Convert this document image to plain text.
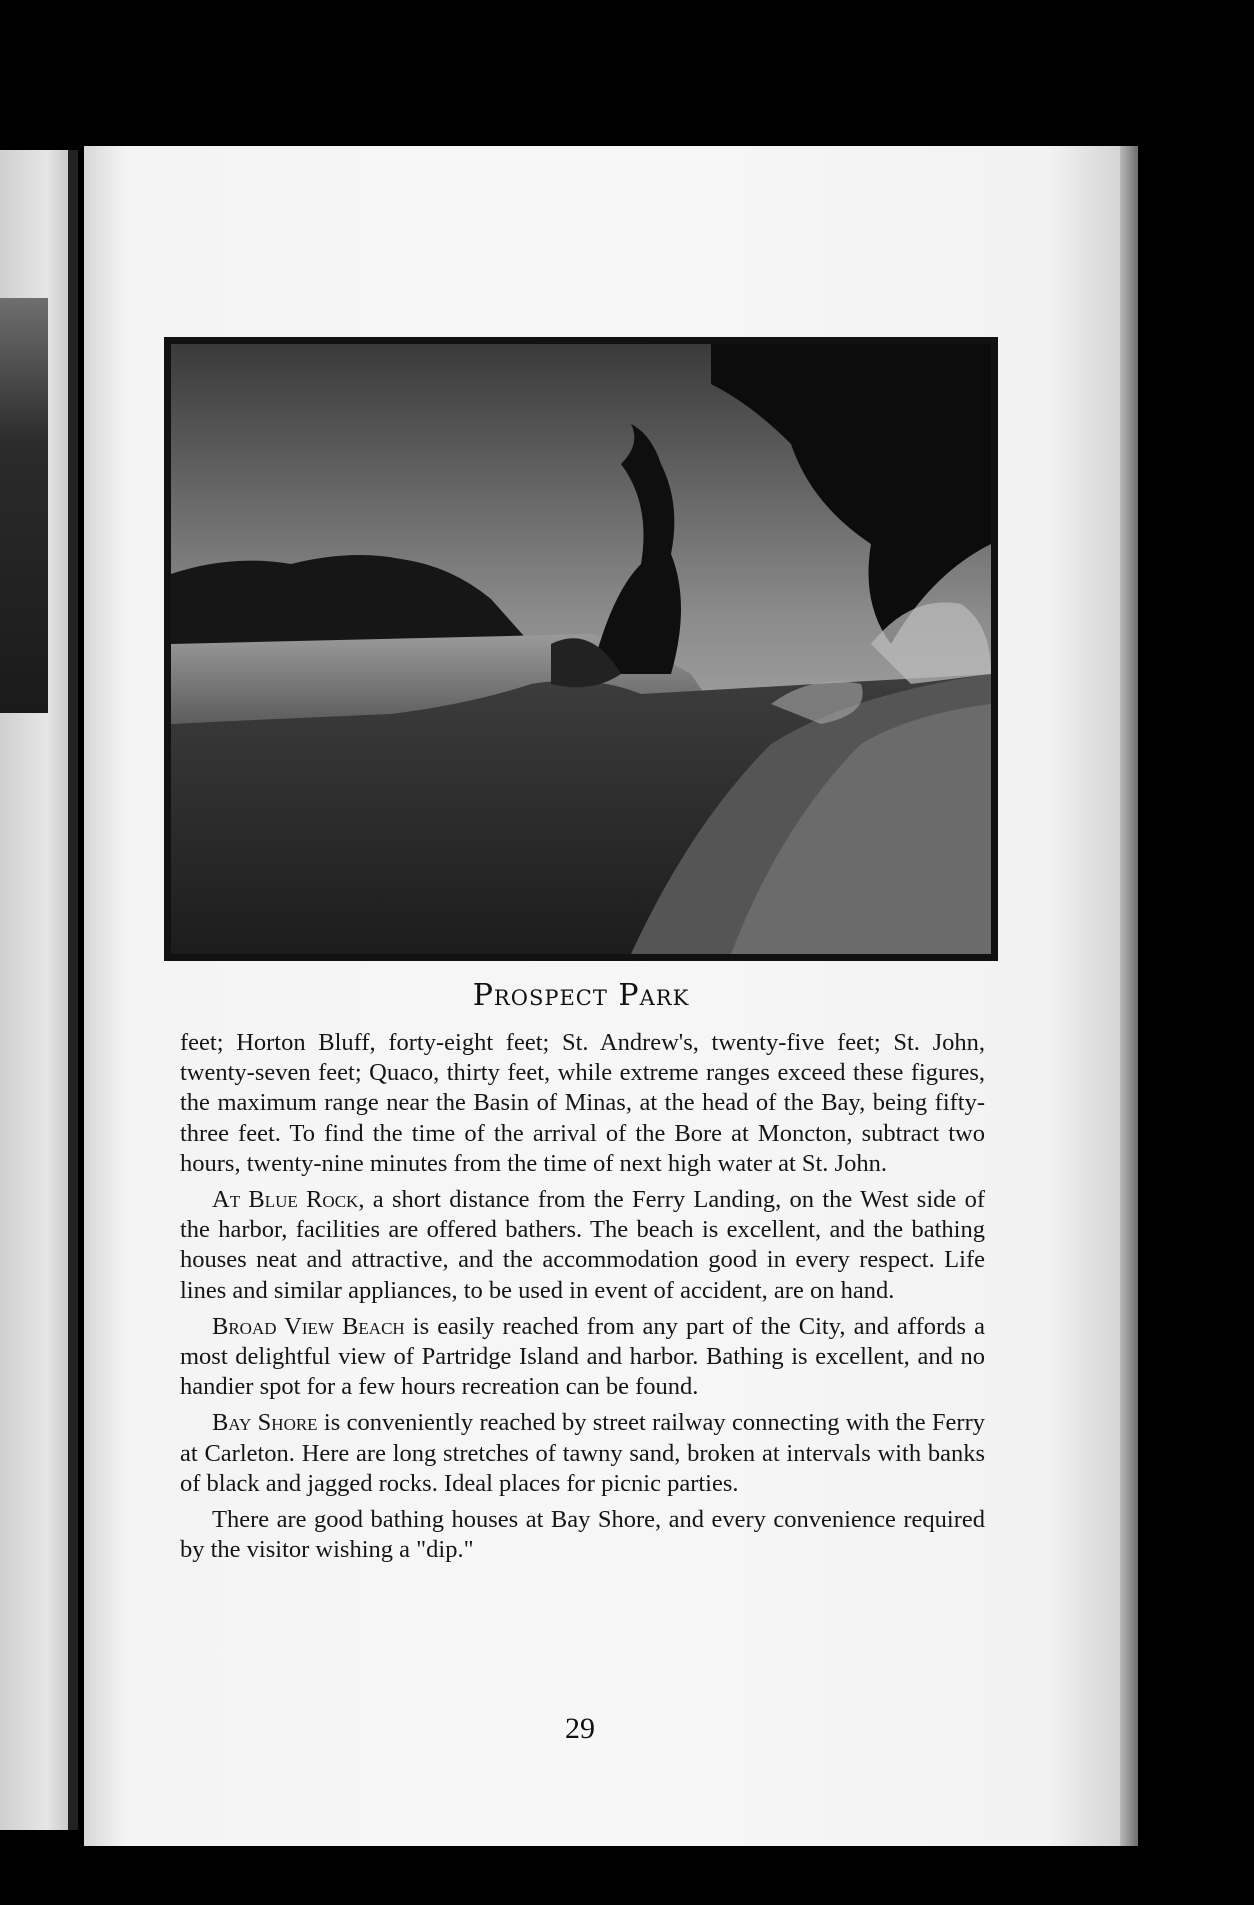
Prospect Park

feet; Horton Bluff, forty-eight feet; St. Andrew's, twenty-five feet; St. John, twenty-seven feet; Quaco, thirty feet, while extreme ranges exceed these figures, the maximum range near the Basin of Minas, at the head of the Bay, being fifty-three feet. To find the time of the arrival of the Bore at Moncton, subtract two hours, twenty-nine minutes from the time of next high water at St. John.

At Blue Rock, a short distance from the Ferry Landing, on the West side of the harbor, facilities are offered bathers. The beach is excellent, and the bathing houses neat and attractive, and the accommodation good in every respect. Life lines and similar appliances, to be used in event of accident, are on hand.

Broad View Beach is easily reached from any part of the City, and affords a most delightful view of Partridge Island and harbor. Bathing is excellent, and no handier spot for a few hours recreation can be found.

Bay Shore is conveniently reached by street railway connecting with the Ferry at Carleton. Here are long stretches of tawny sand, broken at intervals with banks of black and jagged rocks. Ideal places for picnic parties.

There are good bathing houses at Bay Shore, and every convenience required by the visitor wishing a "dip."

29
